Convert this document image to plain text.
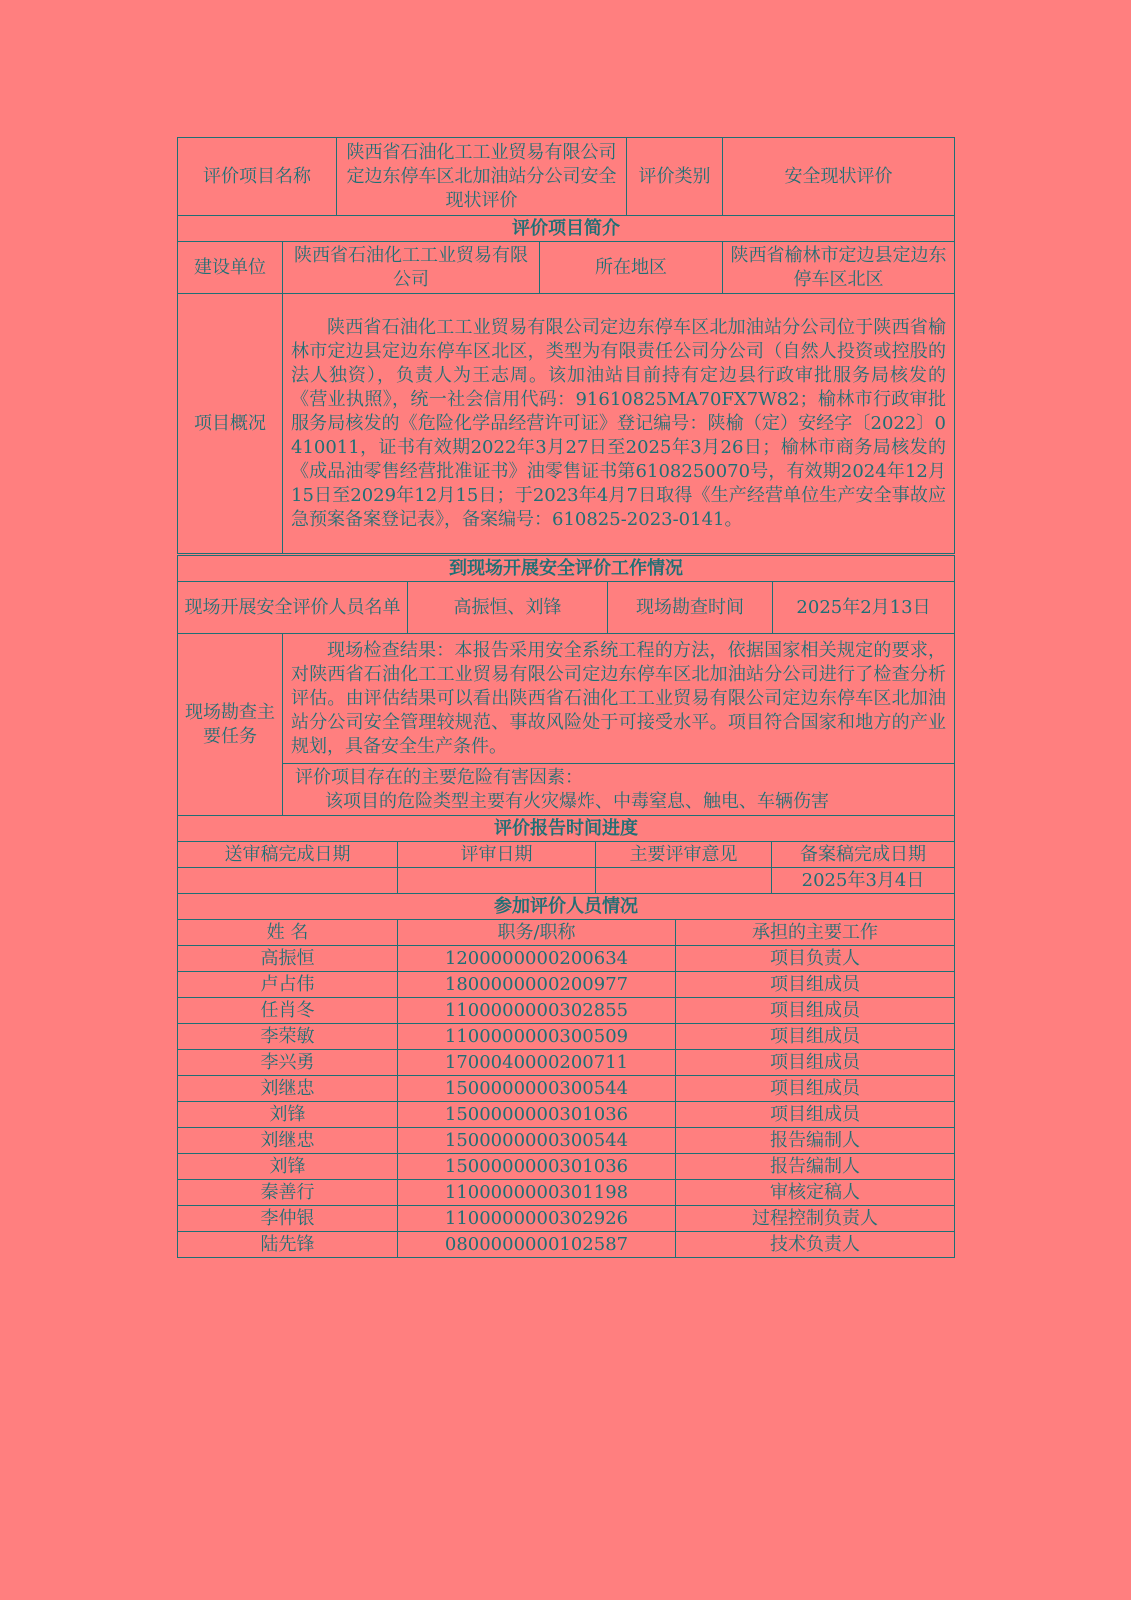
评价项目名称		陕西省石油化工工业贸易有限公司定边东停车区北加油站分公司安全现状评价		评价类别	安全现状评价
评价项目简介					
建设单位	陕西省石油化工工业贸易有限公司		所在地区		陕西省榆林市定边县定边东停车区北区
项目概况	陕西省石油化工工业贸易有限公司定边东停车区北加油站分公司位于陕西省榆林市定边县定边东停车区北区，类型为有限责任公司分公司（自然人投资或控股的法人独资），负责人为王志周。该加油站目前持有定边县行政审批服务局核发的《营业执照》，统一社会信用代码：91610825MA70FX7W82；榆林市行政审批服务局核发的《危险化学品经营许可证》登记编号：陕榆（定）安经字〔2022〕0410011，证书有效期2022年3月27日至2025年3月26日；榆林市商务局核发的《成品油零售经营批准证书》油零售证书第6108250070号，有效期2024年12月15日至2029年12月15日；于2023年4月7日取得《生产经营单位生产安全事故应急预案备案登记表》，备案编号：610825-2023-0141。				
到现场开展安全评价工作情况				
现场开展安全评价人员名单		高振恒、刘锋	现场勘查时间	2025年2月13日
现场勘查主要任务	现场检查结果：本报告采用安全系统工程的方法，依据国家相关规定的要求，对陕西省石油化工工业贸易有限公司定边东停车区北加油站分公司进行了检查分析评估。由评估结果可以看出陕西省石油化工工业贸易有限公司定边东停车区北加油站分公司安全管理较规范、事故风险处于可接受水平。项目符合国家和地方的产业规划，具备安全生产条件。			

	评价项目存在的主要危险有害因素：
该项目的危险类型主要有火灾爆炸、中毒窒息、触电、车辆伤害			
评价报告时间进度			
送审稿完成日期	评审日期	主要评审意见	备案稿完成日期
			2025年3月4日
参加评价人员情况		
姓 名	职务/职称	承担的主要工作
高振恒	1200000000200634	项目负责人
卢占伟	1800000000200977	项目组成员
任肖冬	1100000000302855	项目组成员
李荣敏	1100000000300509	项目组成员
李兴勇	1700040000200711	项目组成员
刘继忠	1500000000300544	项目组成员
刘锋	1500000000301036	项目组成员
刘继忠	1500000000300544	报告编制人
刘锋	1500000000301036	报告编制人
秦善行	1100000000301198	审核定稿人
李仲银	1100000000302926	过程控制负责人
陆先锋	0800000000102587	技术负责人
